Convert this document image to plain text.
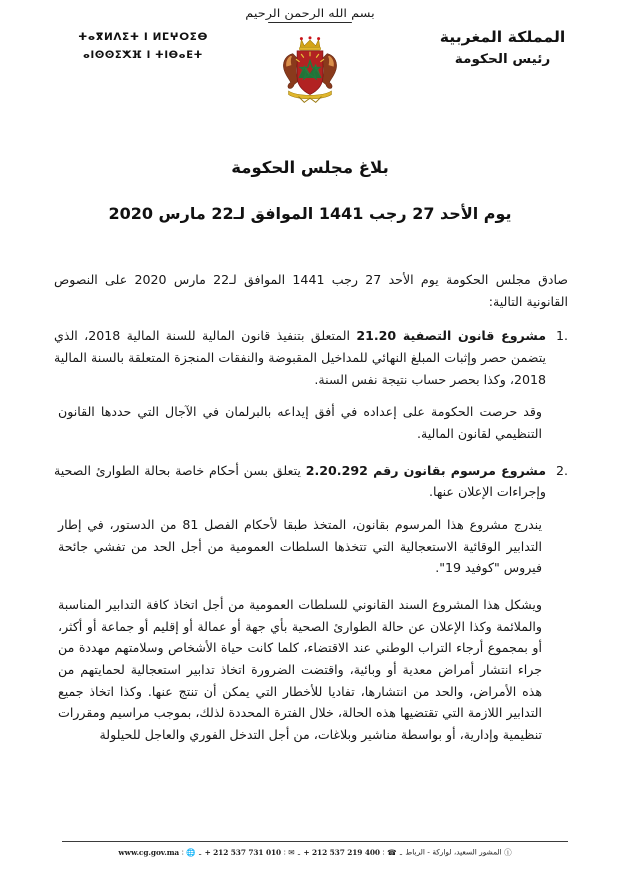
ⵜⴰⴳⵍⴷⵉⵜ ⵏ ⵍⵎⵖⵔⵉⴱ
ⴰⵏⵙⵙⵉⵅⴼ ⵏ ⵜⵏⴱⴰⴹⵜ
بسم الله الرحمن الرحيم
المملكة المغربية
رئيس الحكومة
بلاغ مجلس الحكومة
يوم الأحد 27 رجب 1441 الموافق لـ22 مارس 2020

صادق مجلس الحكومة يوم الأحد 27 رجب 1441 الموافق لـ22 مارس 2020 على النصوص القانونية التالية:

مشروع قانون التصفية 21.20 المتعلق بتنفيذ قانون المالية للسنة المالية 2018، الذي يتضمن حصر وإثبات المبلغ النهائي للمداخيل المقبوضة والنفقات المنجزة المتعلقة بالسنة المالية 2018، وكذا بحصر حساب نتيجة نفس السنة.

وقد حرصت الحكومة على إعداده في أفق إيداعه بالبرلمان في الآجال التي حددها القانون التنظيمي لقانون المالية.

مشروع مرسوم بقانون رقم 2.20.292 يتعلق بسن أحكام خاصة بحالة الطوارئ الصحية وإجراءات الإعلان عنها.

يندرج مشروع هذا المرسوم بقانون، المتخذ طبقا لأحكام الفصل 81 من الدستور، في إطار التدابير الوقائية الاستعجالية التي تتخذها السلطات العمومية من أجل الحد من تفشي جائحة فيروس "كوفيد 19".

ويشكل هذا المشروع السند القانوني للسلطات العمومية من أجل اتخاذ كافة التدابير المناسبة والملائمة وكذا الإعلان عن حالة الطوارئ الصحية بأي جهة أو عمالة أو إقليم أو جماعة أو أكثر، أو بمجموع أرجاء التراب الوطني عند الاقتضاء، كلما كانت حياة الأشخاص وسلامتهم مهددة من جراء انتشار أمراض معدية أو وبائية، واقتضت الضرورة اتخاذ تدابير استعجالية لحمايتهم من هذه الأمراض، والحد من انتشارها، تفاديا للأخطار التي يمكن أن تنتج عنها. وكذا اتخاذ جميع التدابير اللازمة التي تقتضيها هذه الحالة، خلال الفترة المحددة لذلك، بموجب مراسيم ومقررات تنظيمية وإدارية، أو بواسطة مناشير وبلاغات، من أجل التدخل الفوري والعاجل للحيلولة

ⓘ المشور السعيد، لواركة - الرباط ـ ☎ : + 212 537 219 400 ـ ✉ : + 212 537 731 010 ـ 🌐 : www.cg.gov.ma
